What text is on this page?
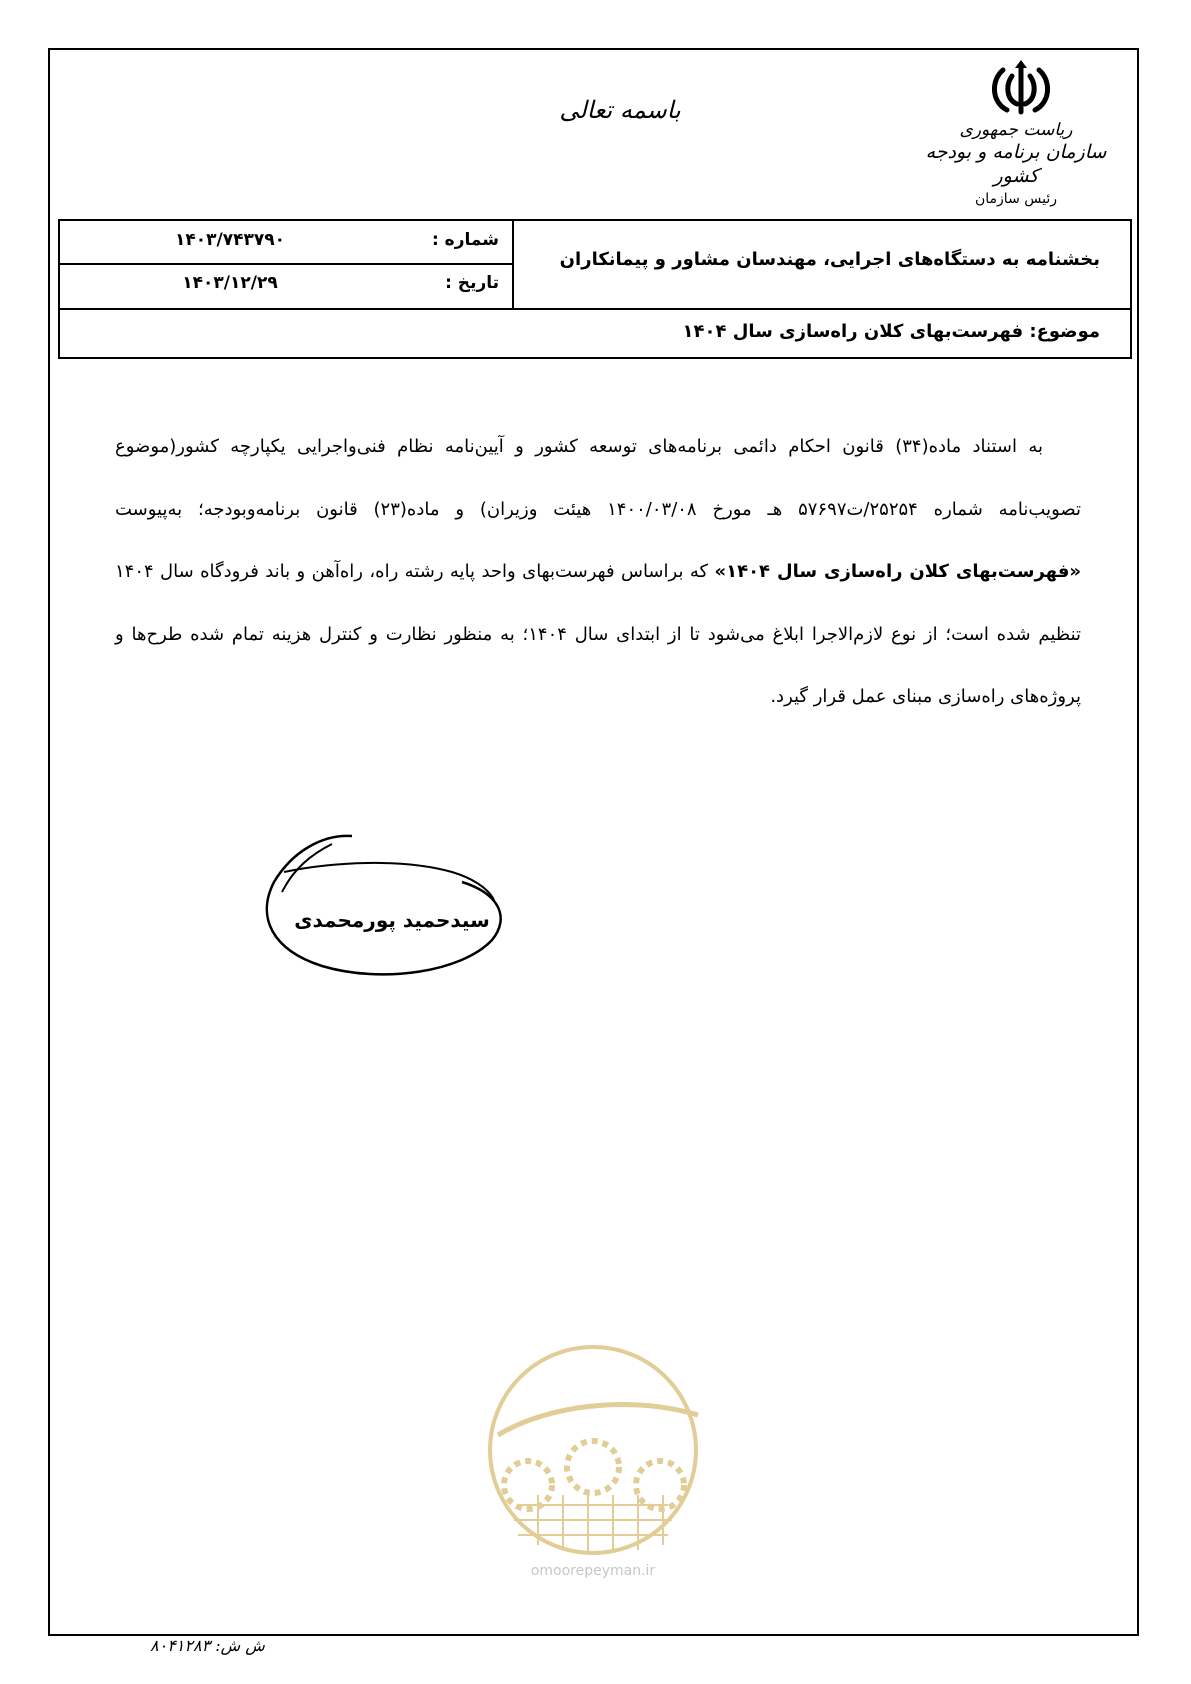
ریاست جمهوری
سازمان برنامه و بودجه کشور
رئیس سازمان
باسمه تعالی
شماره :
۱۴۰۳/۷۴۳۷۹۰
تاریخ :
۱۴۰۳/۱۲/۲۹
بخشنامه به دستگاه‌های اجرایی، مهندسان مشاور و پیمانکاران
موضوع: فهرست‌بهای کلان راه‌سازی سال ۱۴۰۴

به استناد ماده(۳۴) قانون احکام دائمی برنامه‌های توسعه کشور و آیین‌نامه نظام فنی‌واجرایی یکپارچه کشور(موضوع تصویب‌نامه شماره ۲۵۲۵۴/ت۵۷۶۹۷ هـ مورخ ۱۴۰۰/۰۳/۰۸ هیئت وزیران) و ماده(۲۳) قانون برنامه‌وبودجه؛ به‌پیوست «فهرست‌بهای کلان راه‌سازی سال ۱۴۰۴» که براساس فهرست‌بهای واحد پایه رشته راه، راه‌آهن و باند فرودگاه سال ۱۴۰۴ تنظیم شده است؛ از نوع لازم‌الاجرا ابلاغ می‌شود تا از ابتدای سال ۱۴۰۴؛ به منظور نظارت و کنترل هزینه تمام شده طرح‌ها و پروژه‌های راه‌سازی مبنای عمل قرار گیرد.

سیدحمید پورمحمدی
omoorepeyman.ir
ش ش: ۸۰۴۱۲۸۳
